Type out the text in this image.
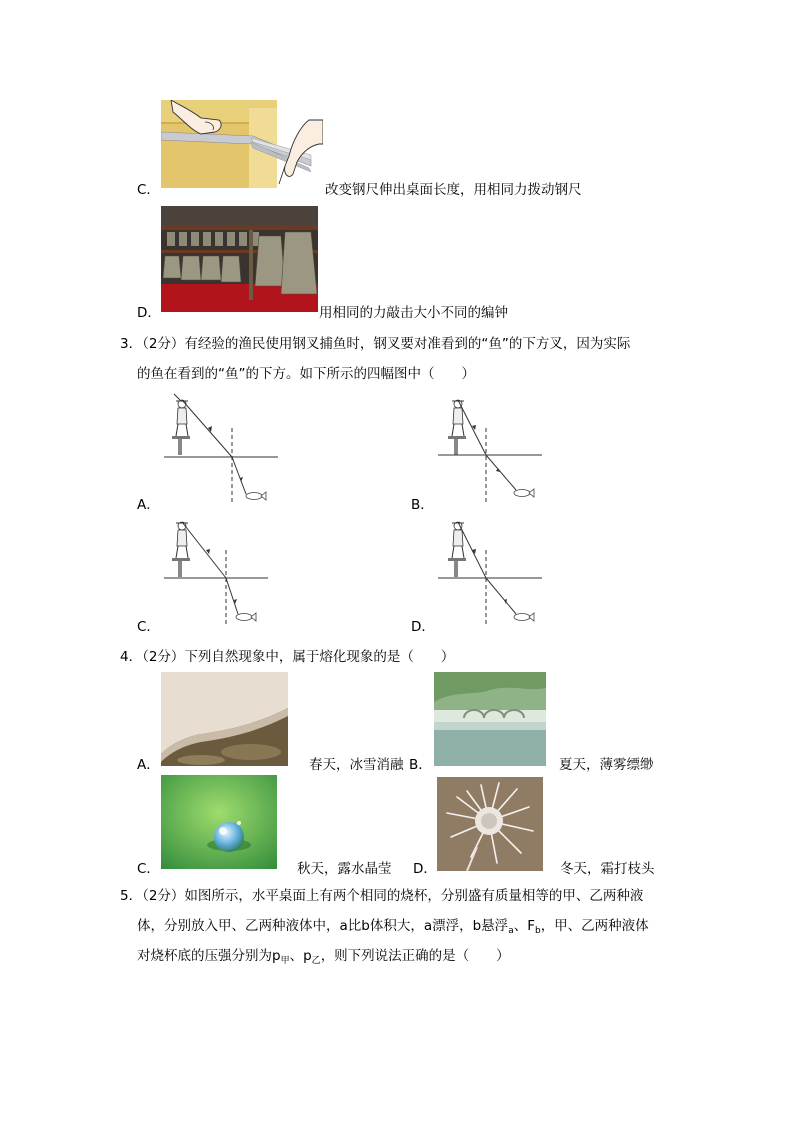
C．	改变钢尺伸出桌面长度，用相同力拨动钢尺
D．	用相同的力敲击大小不同的编钟
3．（2分）有经验的渔民使用钢叉捕鱼时，钢叉要对准看到的“鱼”的下方叉，因为实际
的鱼在看到的“鱼”的下方。如下所示的四幅图中（　　）
A．	B．
C．	D．
4．（2分）下列自然现象中，属于熔化现象的是（　　）
A．	春天，冰雪消融 B．	夏天，薄雾缥缈
C．	秋天，露水晶莹 D．	冬天，霜打枝头
5．（2分）如图所示，水平桌面上有两个相同的烧杯，分别盛有质量相等的甲、乙两种液
体，分别放入甲、乙两种液体中，a比b体积大，a漂浮，b悬浮$_a$、$F_b$，甲、乙两种液体
对烧杯底的压强分别为$p_甲$、$p_乙$，则下列说法正确的是（　　）
